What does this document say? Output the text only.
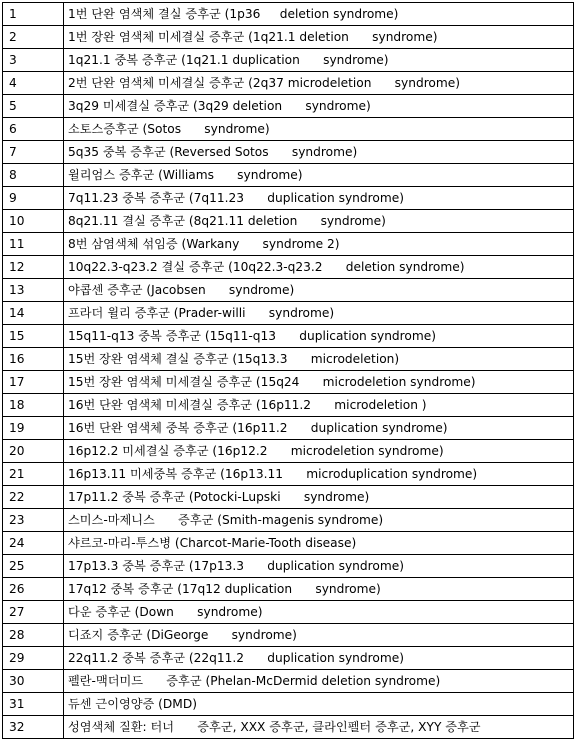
1	1번 단완 염색체 결실 증후군 (1p36     deletion syndrome)
2	1번 장완 염색체 미세결실 증후군 (1q21.1 deletion      syndrome)
3	1q21.1 중복 증후군 (1q21.1 duplication      syndrome)
4	2번 단완 염색체 미세결실 증후군 (2q37 microdeletion      syndrome)
5	3q29 미세결실 증후군 (3q29 deletion      syndrome)
6	소토스증후군 (Sotos      syndrome)
7	5q35 중복 증후군 (Reversed Sotos      syndrome)
8	윌리엄스 증후군 (Williams      syndrome)
9	7q11.23 중복 증후군 (7q11.23      duplication syndrome)
10	8q21.11 결실 증후군 (8q21.11 deletion      syndrome)
11	8번 삼염색체 섞임증 (Warkany      syndrome 2)
12	10q22.3-q23.2 결실 증후군 (10q22.3-q23.2      deletion syndrome)
13	야콥센 증후군 (Jacobsen      syndrome)
14	프라더 윌리 증후군 (Prader-willi      syndrome)
15	15q11-q13 중복 증후군 (15q11-q13      duplication syndrome)
16	15번 장완 염색체 결실 증후군 (15q13.3      microdeletion)
17	15번 장완 염색체 미세결실 증후군 (15q24      microdeletion syndrome)
18	16번 단완 염색체 미세결실 증후군 (16p11.2      microdeletion )
19	16번 단완 염색체 중복 증후군 (16p11.2      duplication syndrome)
20	16p12.2 미세결실 증후군 (16p12.2      microdeletion syndrome)
21	16p13.11 미세중복 증후군 (16p13.11      microduplication syndrome)
22	17p11.2 중복 증후군 (Potocki-Lupski      syndrome)
23	스미스-마제니스      증후군 (Smith-magenis syndrome)
24	샤르코-마리-투스병 (Charcot-Marie-Tooth disease)
25	17p13.3 중복 증후군 (17p13.3      duplication syndrome)
26	17q12 중복 증후군 (17q12 duplication      syndrome)
27	다운 증후군 (Down      syndrome)
28	디죠지 증후군 (DiGeorge      syndrome)
29	22q11.2 중복 증후군 (22q11.2      duplication syndrome)
30	펠란-맥더미드      증후군 (Phelan-McDermid deletion syndrome)
31	듀센 근이영양증 (DMD)
32	성염색체 질환: 터너      증후군, XXX 증후군, 클라인펠터 증후군, XYY 증후군
